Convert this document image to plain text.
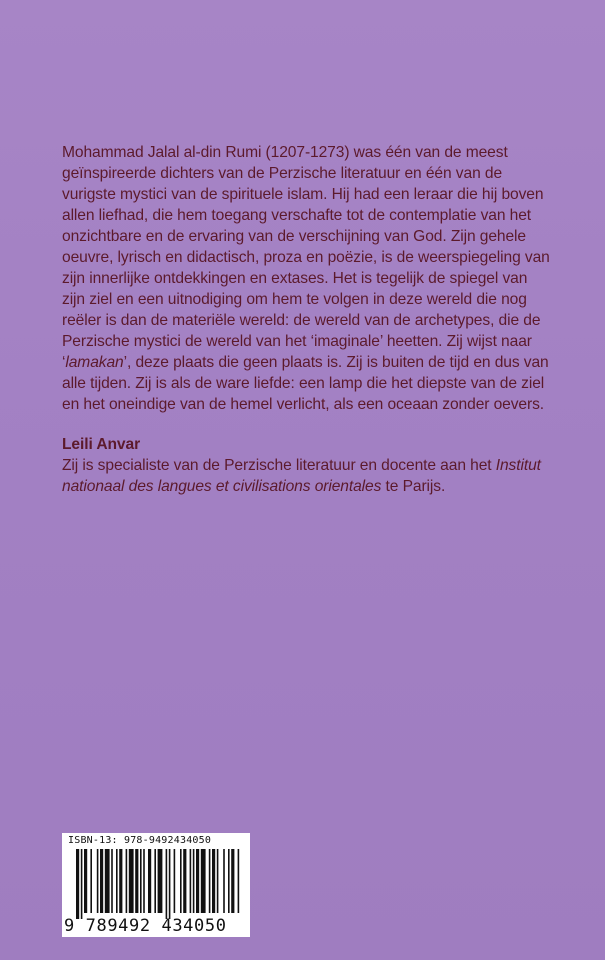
Mohammad Jalal al-din Rumi (1207-1273) was één van de meest geïnspireerde dichters van de Perzische literatuur en één van de vurigste mystici van de spirituele islam. Hij had een leraar die hij boven allen liefhad, die hem toegang verschafte tot de contemplatie van het onzichtbare en de ervaring van de verschijning van God. Zijn gehele oeuvre, lyrisch en didactisch, proza en poëzie, is de weerspiegeling van zijn innerlijke ontdekkingen en extases. Het is tegelijk de spiegel van zijn ziel en een uitnodiging om hem te volgen in deze wereld die nog reëler is dan de materiële wereld: de wereld van de archetypes, die de Perzische mystici de wereld van het ‘imaginale’ heetten. Zij wijst naar ‘lamakan’, deze plaats die geen plaats is. Zij is buiten de tijd en dus van alle tijden. Zij is als de ware liefde: een lamp die het diepste van de ziel en het oneindige van de hemel verlicht, als een oceaan zonder oevers.

Leili Anvar

Zij is specialiste van de Perzische literatuur en docente aan het Institut nationaal des langues et civilisations orientales te Parijs.

ISBN-13: 978-9492434050
9 789492 434050
